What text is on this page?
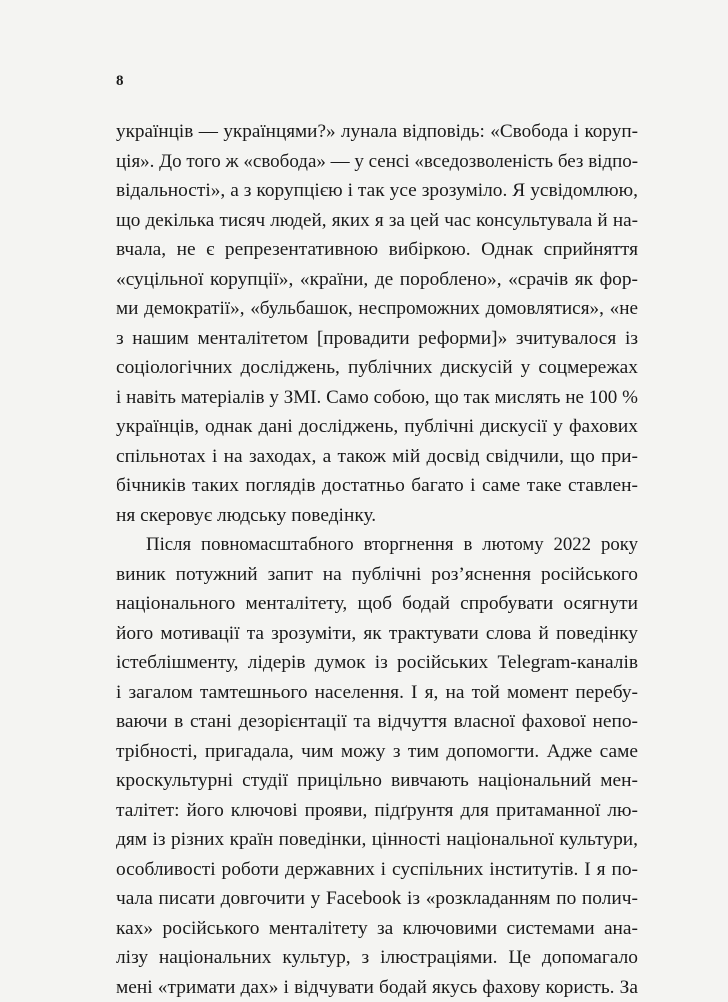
8
українців — українцями?» лунала відповідь: «Свобода і коруп-
ція». До того ж «свобода» — у сенсі «вседозволеність без відпо-
відальності», а з корупцією і так усе зрозуміло. Я усвідомлюю,
що декілька тисяч людей, яких я за цей час консультувала й на-
вчала, не є репрезентативною вибіркою. Однак сприйняття
«суцільної корупції», «країни, де пороблено», «срачів як фор-
ми демократії», «бульбашок, неспроможних домовлятися», «не
з нашим менталітетом [провадити реформи]» зчитувалося із
соціологічних досліджень, публічних дискусій у соцмережах
і навіть матеріалів у ЗМІ. Само собою, що так мислять не 100 %
українців, однак дані досліджень, публічні дискусії у фахових
спільнотах і на заходах, а також мій досвід свідчили, що при-
бічників таких поглядів достатньо багато і саме таке ставлен-
ня скеровує людську поведінку.
Після повномасштабного вторгнення в лютому 2022 року
виник потужний запит на публічні роз’яснення російського
національного менталітету, щоб бодай спробувати осягнути
його мотивації та зрозуміти, як трактувати слова й поведінку
істеблішменту, лідерів думок із російських Telegram-каналів
і загалом тамтешнього населення. І я, на той момент перебу-
ваючи в стані дезорієнтації та відчуття власної фахової непо-
трібності, пригадала, чим можу з тим допомогти. Адже саме
кроскультурні студії прицільно вивчають національний мен-
талітет: його ключові прояви, підґрунтя для притаманної лю-
дям із різних країн поведінки, цінності національної культури,
особливості роботи державних і суспільних інститутів. І я по-
чала писати довгочити у Facebook із «розкладанням по полич-
ках» російського менталітету за ключовими системами ана-
лізу національних культур, з ілюстраціями. Це допомагало
мені «тримати дах» і відчувати бодай якусь фахову користь. За
